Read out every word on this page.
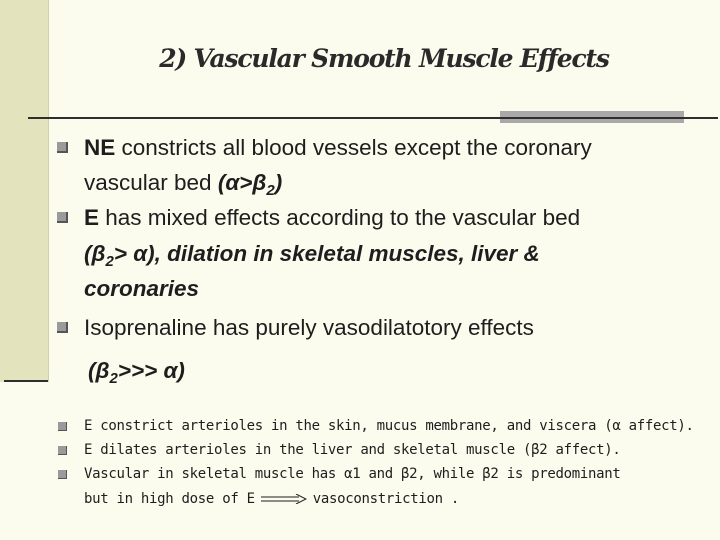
2) Vascular Smooth Muscle Effects
NE constricts all blood vessels except the coronary
vascular bed $(\alpha>\beta_2)$
E has mixed effects according to the vascular bed
$(\beta_2> \alpha)$, dilation in skeletal muscles, liver &
coronaries
Isoprenaline has purely vasodilatotory effects
$(\beta_2>>> \alpha)$
E constrict arterioles in the skin, mucus membrane, and viscera (α affect).
E dilates arterioles in the liver and skeletal muscle (β2 affect).
Vascular in skeletal muscle has α1 and β2, while β2 is predominant
but in high dose of E	vasoconstriction .
